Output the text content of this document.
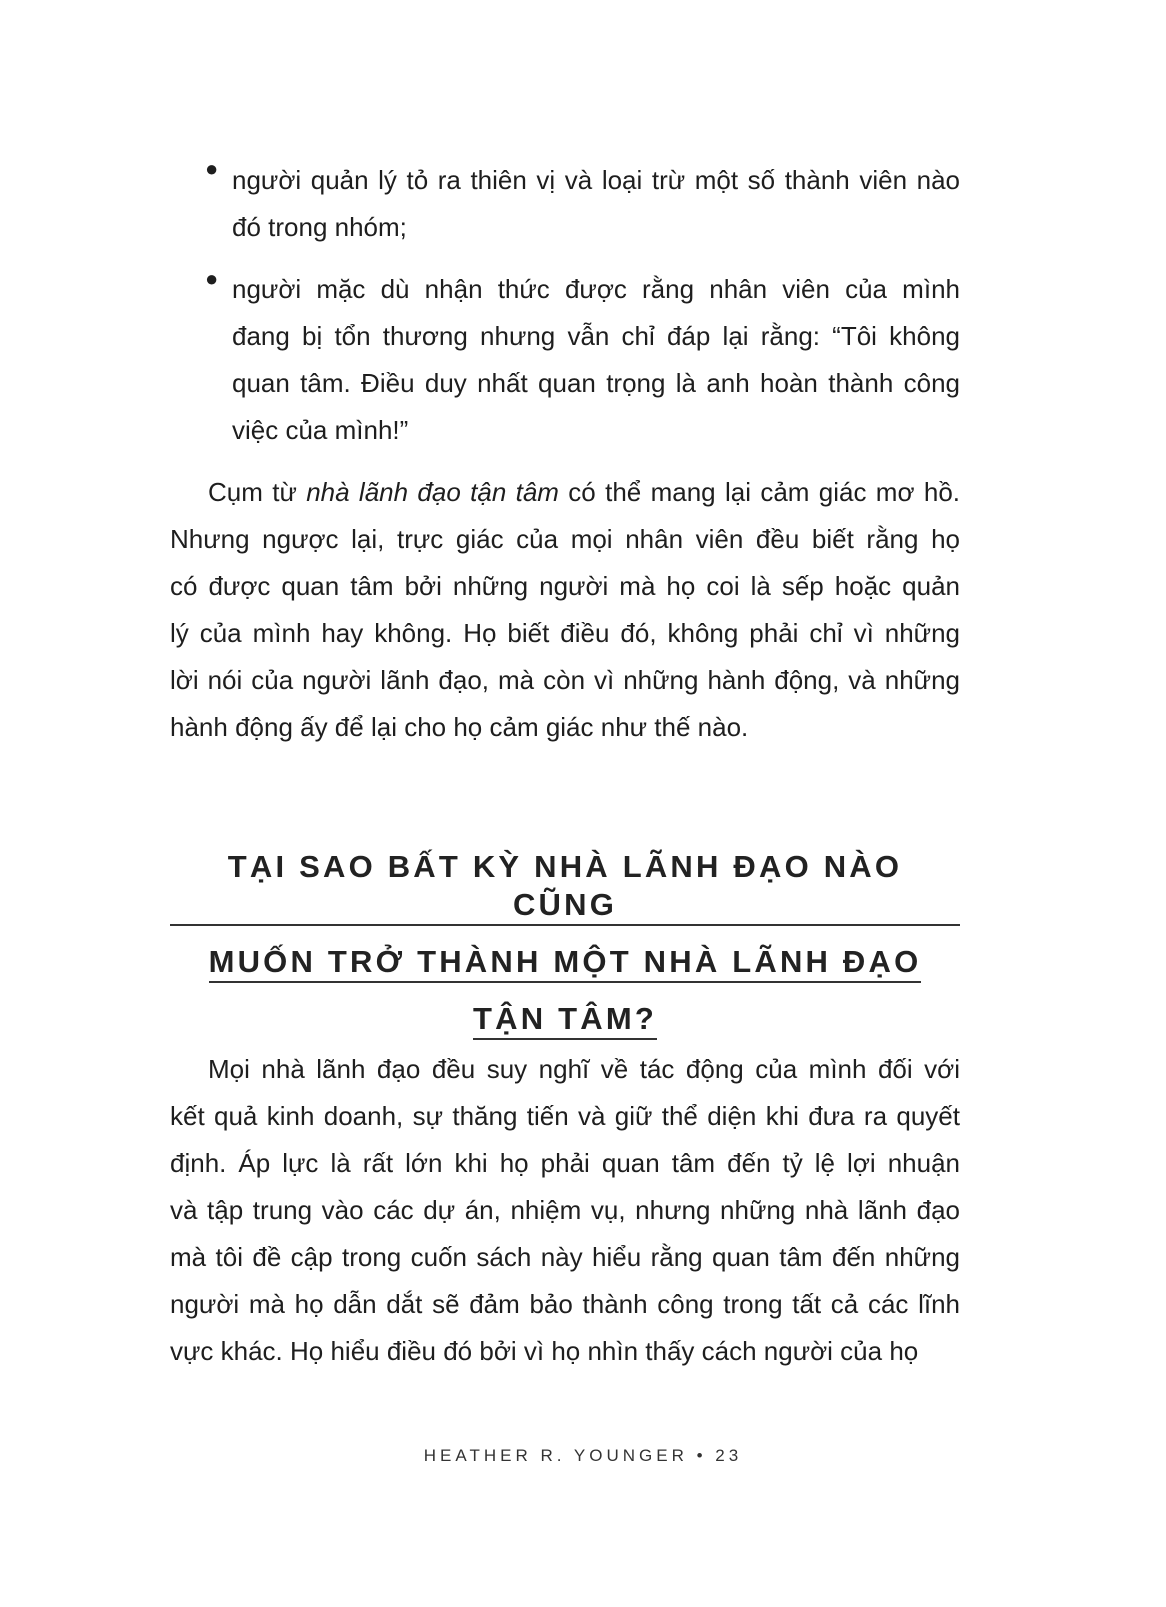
● người quản lý tỏ ra thiên vị và loại trừ một số thành viên nào
đó trong nhóm;
● người mặc dù nhận thức được rằng nhân viên của mình
đang bị tổn thương nhưng vẫn chỉ đáp lại rằng: “Tôi không
quan tâm. Điều duy nhất quan trọng là anh hoàn thành công
việc của mình!”
Cụm từ nhà lãnh đạo tận tâm có thể mang lại cảm giác mơ hồ.
Nhưng ngược lại, trực giác của mọi nhân viên đều biết rằng họ
có được quan tâm bởi những người mà họ coi là sếp hoặc quản
lý của mình hay không. Họ biết điều đó, không phải chỉ vì những
lời nói của người lãnh đạo, mà còn vì những hành động, và những
hành động ấy để lại cho họ cảm giác như thế nào.
TẠI SAO BẤT KỲ NHÀ LÃNH ĐẠO NÀO CŨNG
MUỐN TRỞ THÀNH MỘT NHÀ LÃNH ĐẠO
TẬN TÂM?
Mọi nhà lãnh đạo đều suy nghĩ về tác động của mình đối với
kết quả kinh doanh, sự thăng tiến và giữ thể diện khi đưa ra quyết
định. Áp lực là rất lớn khi họ phải quan tâm đến tỷ lệ lợi nhuận
và tập trung vào các dự án, nhiệm vụ, nhưng những nhà lãnh đạo
mà tôi đề cập trong cuốn sách này hiểu rằng quan tâm đến những
người mà họ dẫn dắt sẽ đảm bảo thành công trong tất cả các lĩnh
vực khác. Họ hiểu điều đó bởi vì họ nhìn thấy cách người của họ
HEATHER R. YOUNGER • 23
